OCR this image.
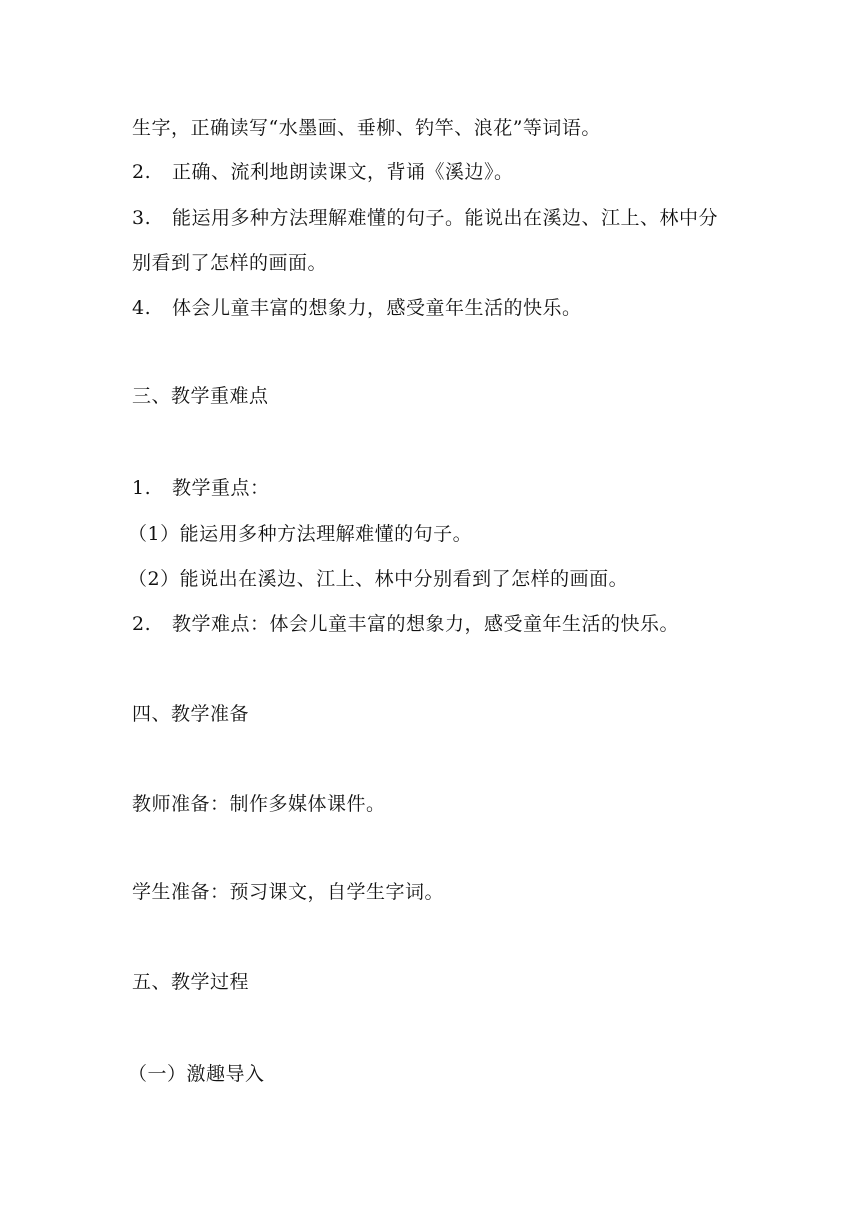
生字，正确读写“水墨画、垂柳、钓竿、浪花”等词语。
2. 正确、流利地朗读课文，背诵《溪边》。
3. 能运用多种方法理解难懂的句子。能说出在溪边、江上、林中分
别看到了怎样的画面。
4. 体会儿童丰富的想象力，感受童年生活的快乐。
三、教学重难点
1. 教学重点：
（1）能运用多种方法理解难懂的句子。
（2）能说出在溪边、江上、林中分别看到了怎样的画面。
2. 教学难点：体会儿童丰富的想象力，感受童年生活的快乐。
四、教学准备
教师准备：制作多媒体课件。
学生准备：预习课文，自学生字词。
五、教学过程
（一）激趣导入
